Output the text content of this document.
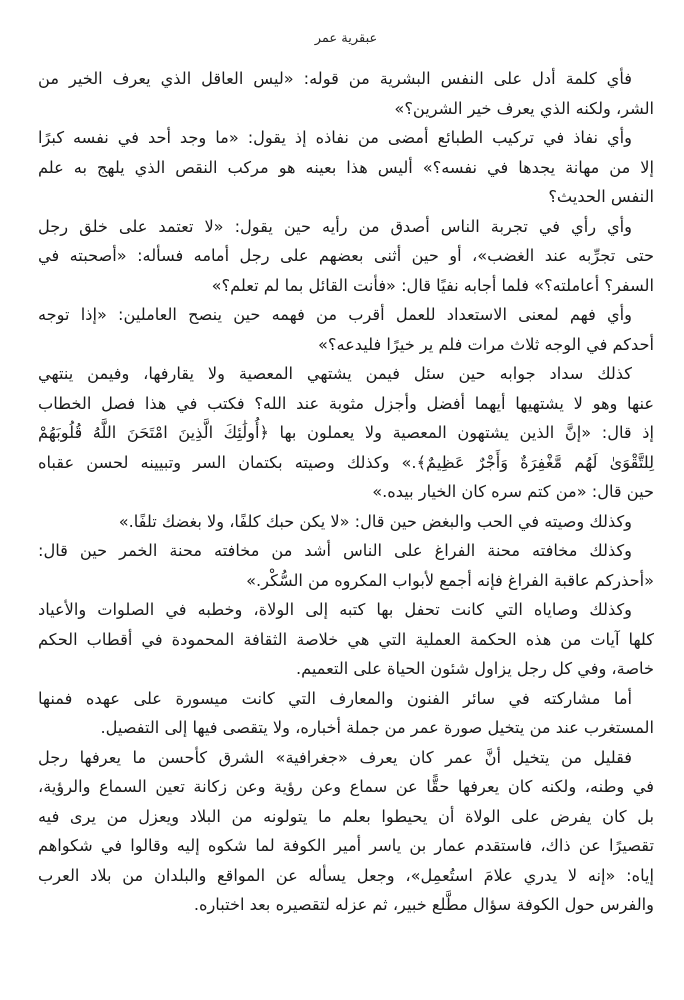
عبقرية عمر

فأي كلمة أدل على النفس البشرية من قوله: «ليس العاقل الذي يعرف الخير من
الشر، ولكنه الذي يعرف خير الشرين؟»

وأي نفاذ في تركيب الطبائع أمضى من نفاذه إذ يقول: «ما وجد أحد في نفسه كبرًا
إلا من مهانة يجدها في نفسه؟» أليس هذا بعينه هو مركب النقص الذي يلهج به علم
النفس الحديث؟

وأي رأي في تجربة الناس أصدق من رأيه حين يقول: «لا تعتمد على خلق رجل
حتى تجرِّبه عند الغضب»، أو حين أثنى بعضهم على رجل أمامه فسأله: «أصحبته في
السفر؟ أعاملته؟» فلما أجابه نفيًا قال: «فأنت القائل بما لم تعلم؟»

وأي فهم لمعنى الاستعداد للعمل أقرب من فهمه حين ينصح العاملين: «إذا توجه
أحدكم في الوجه ثلاث مرات فلم ير خيرًا فليدعه؟»

كذلك سداد جوابه حين سئل فيمن يشتهي المعصية ولا يقارفها، وفيمن ينتهي
عنها وهو لا يشتهيها أيهما أفضل وأجزل مثوبة عند الله؟ فكتب في هذا فصل الخطاب
إذ قال: «إنَّ الذين يشتهون المعصية ولا يعملون بها ﴿أُولَٰئِكَ الَّذِينَ امْتَحَنَ اللَّهُ قُلُوبَهُمْ
لِلتَّقْوَىٰ لَهُم مَّغْفِرَةٌ وَأَجْرٌ عَظِيمٌ﴾.» وكذلك وصيته بكتمان السر وتبيينه لحسن عقباه
حين قال: «من كتم سره كان الخيار بيده.»

وكذلك وصيته في الحب والبغض حين قال: «لا يكن حبك كلفًا، ولا بغضك تلفًا.»

وكذلك مخافته محنة الفراغ على الناس أشد من مخافته محنة الخمر حين قال:
«أحذركم عاقبة الفراغ فإنه أجمع لأبواب المكروه من السُّكْر.»

وكذلك وصاياه التي كانت تحفل بها كتبه إلى الولاة، وخطبه في الصلوات والأعياد
كلها آيات من هذه الحكمة العملية التي هي خلاصة الثقافة المحمودة في أقطاب الحكم
خاصة، وفي كل رجل يزاول شئون الحياة على التعميم.

أما مشاركته في سائر الفنون والمعارف التي كانت ميسورة على عهده فمنها
المستغرب عند من يتخيل صورة عمر من جملة أخباره، ولا يتقصى فيها إلى التفصيل.

فقليل من يتخيل أنَّ عمر كان يعرف «جغرافية» الشرق كأحسن ما يعرفها رجل
في وطنه، ولكنه كان يعرفها حقًّا عن سماع وعن رؤية وعن زكانة تعين السماع والرؤية،
بل كان يفرض على الولاة أن يحيطوا بعلم ما يتولونه من البلاد ويعزل من يرى فيه
تقصيرًا عن ذاك، فاستقدم عمار بن ياسر أمير الكوفة لما شكوه إليه وقالوا في شكواهم
إياه: «إنه لا يدري علامَ استُعمِل»، وجعل يسأله عن المواقع والبلدان من بلاد العرب
والفرس حول الكوفة سؤال مطَّلع خبير، ثم عزله لتقصيره بعد اختباره.
